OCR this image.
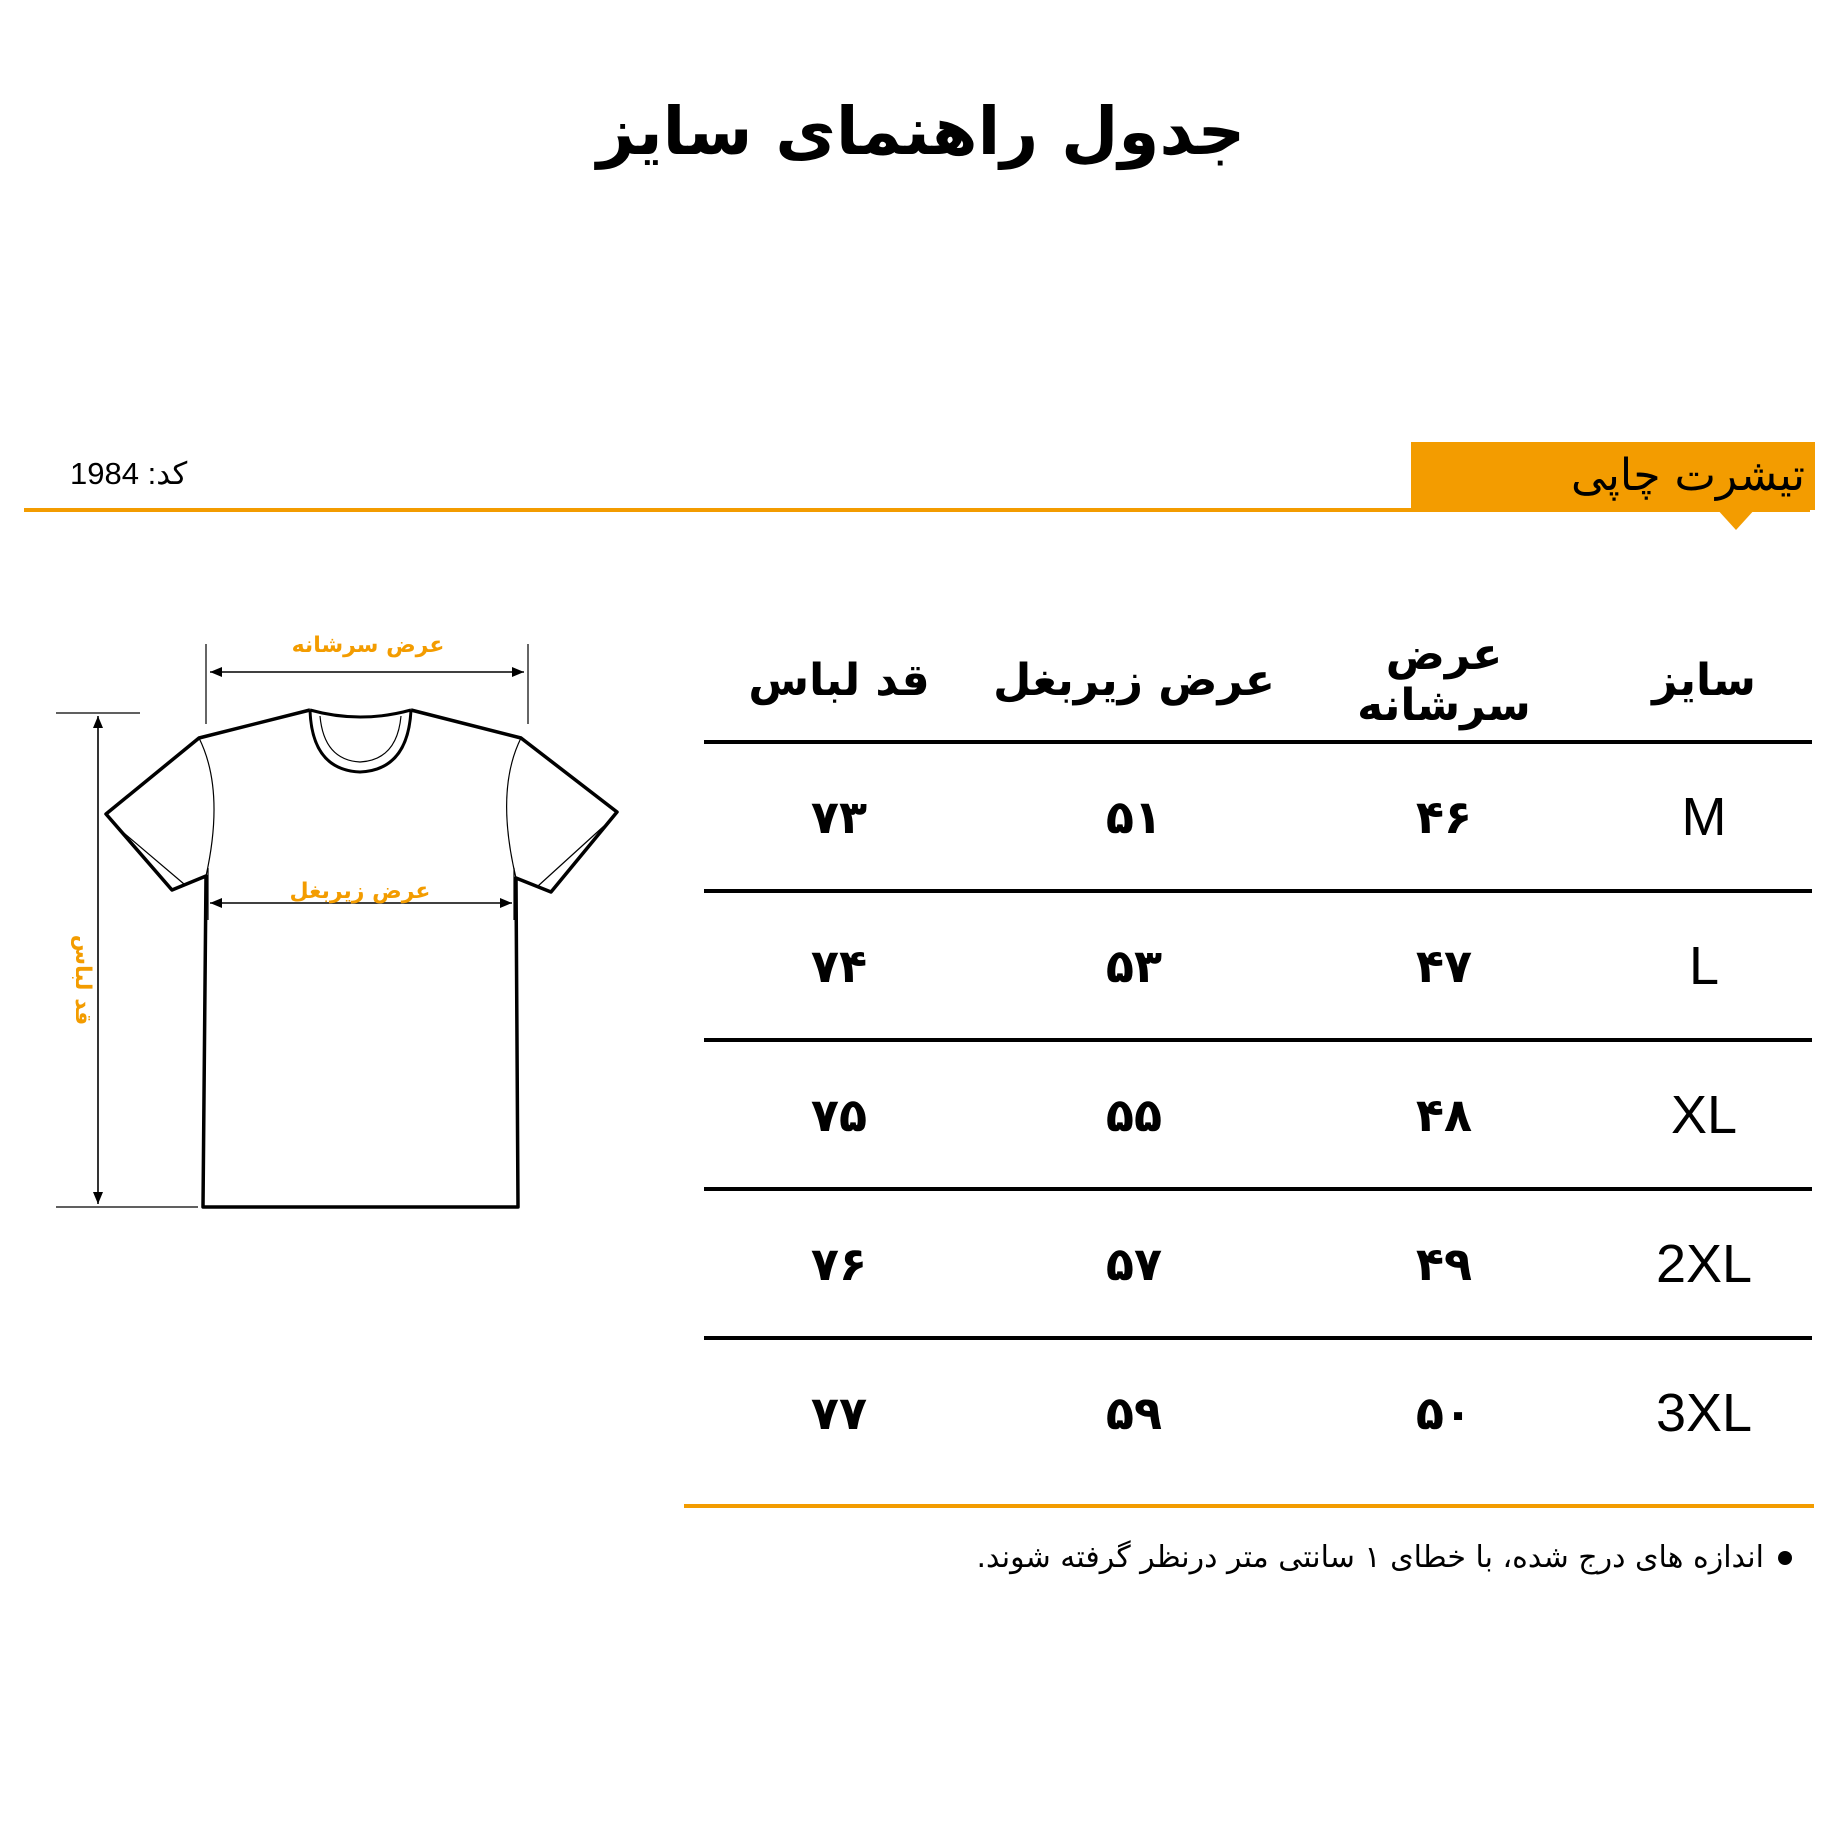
جدول راهنمای سایز
تیشرت چاپی
کد: 1984
عرض سرشانه
قد لباس
عرض زیربغل
سایز
عرض سرشانه
عرض زیربغل
قد لباس
M
۴۶
۵۱
۷۳
L
۴۷
۵۳
۷۴
XL
۴۸
۵۵
۷۵
2XL
۴۹
۵۷
۷۶
3XL
۵۰
۵۹
۷۷
اندازه های درج شده، با خطای ۱ سانتی متر درنظر گرفته شوند.
